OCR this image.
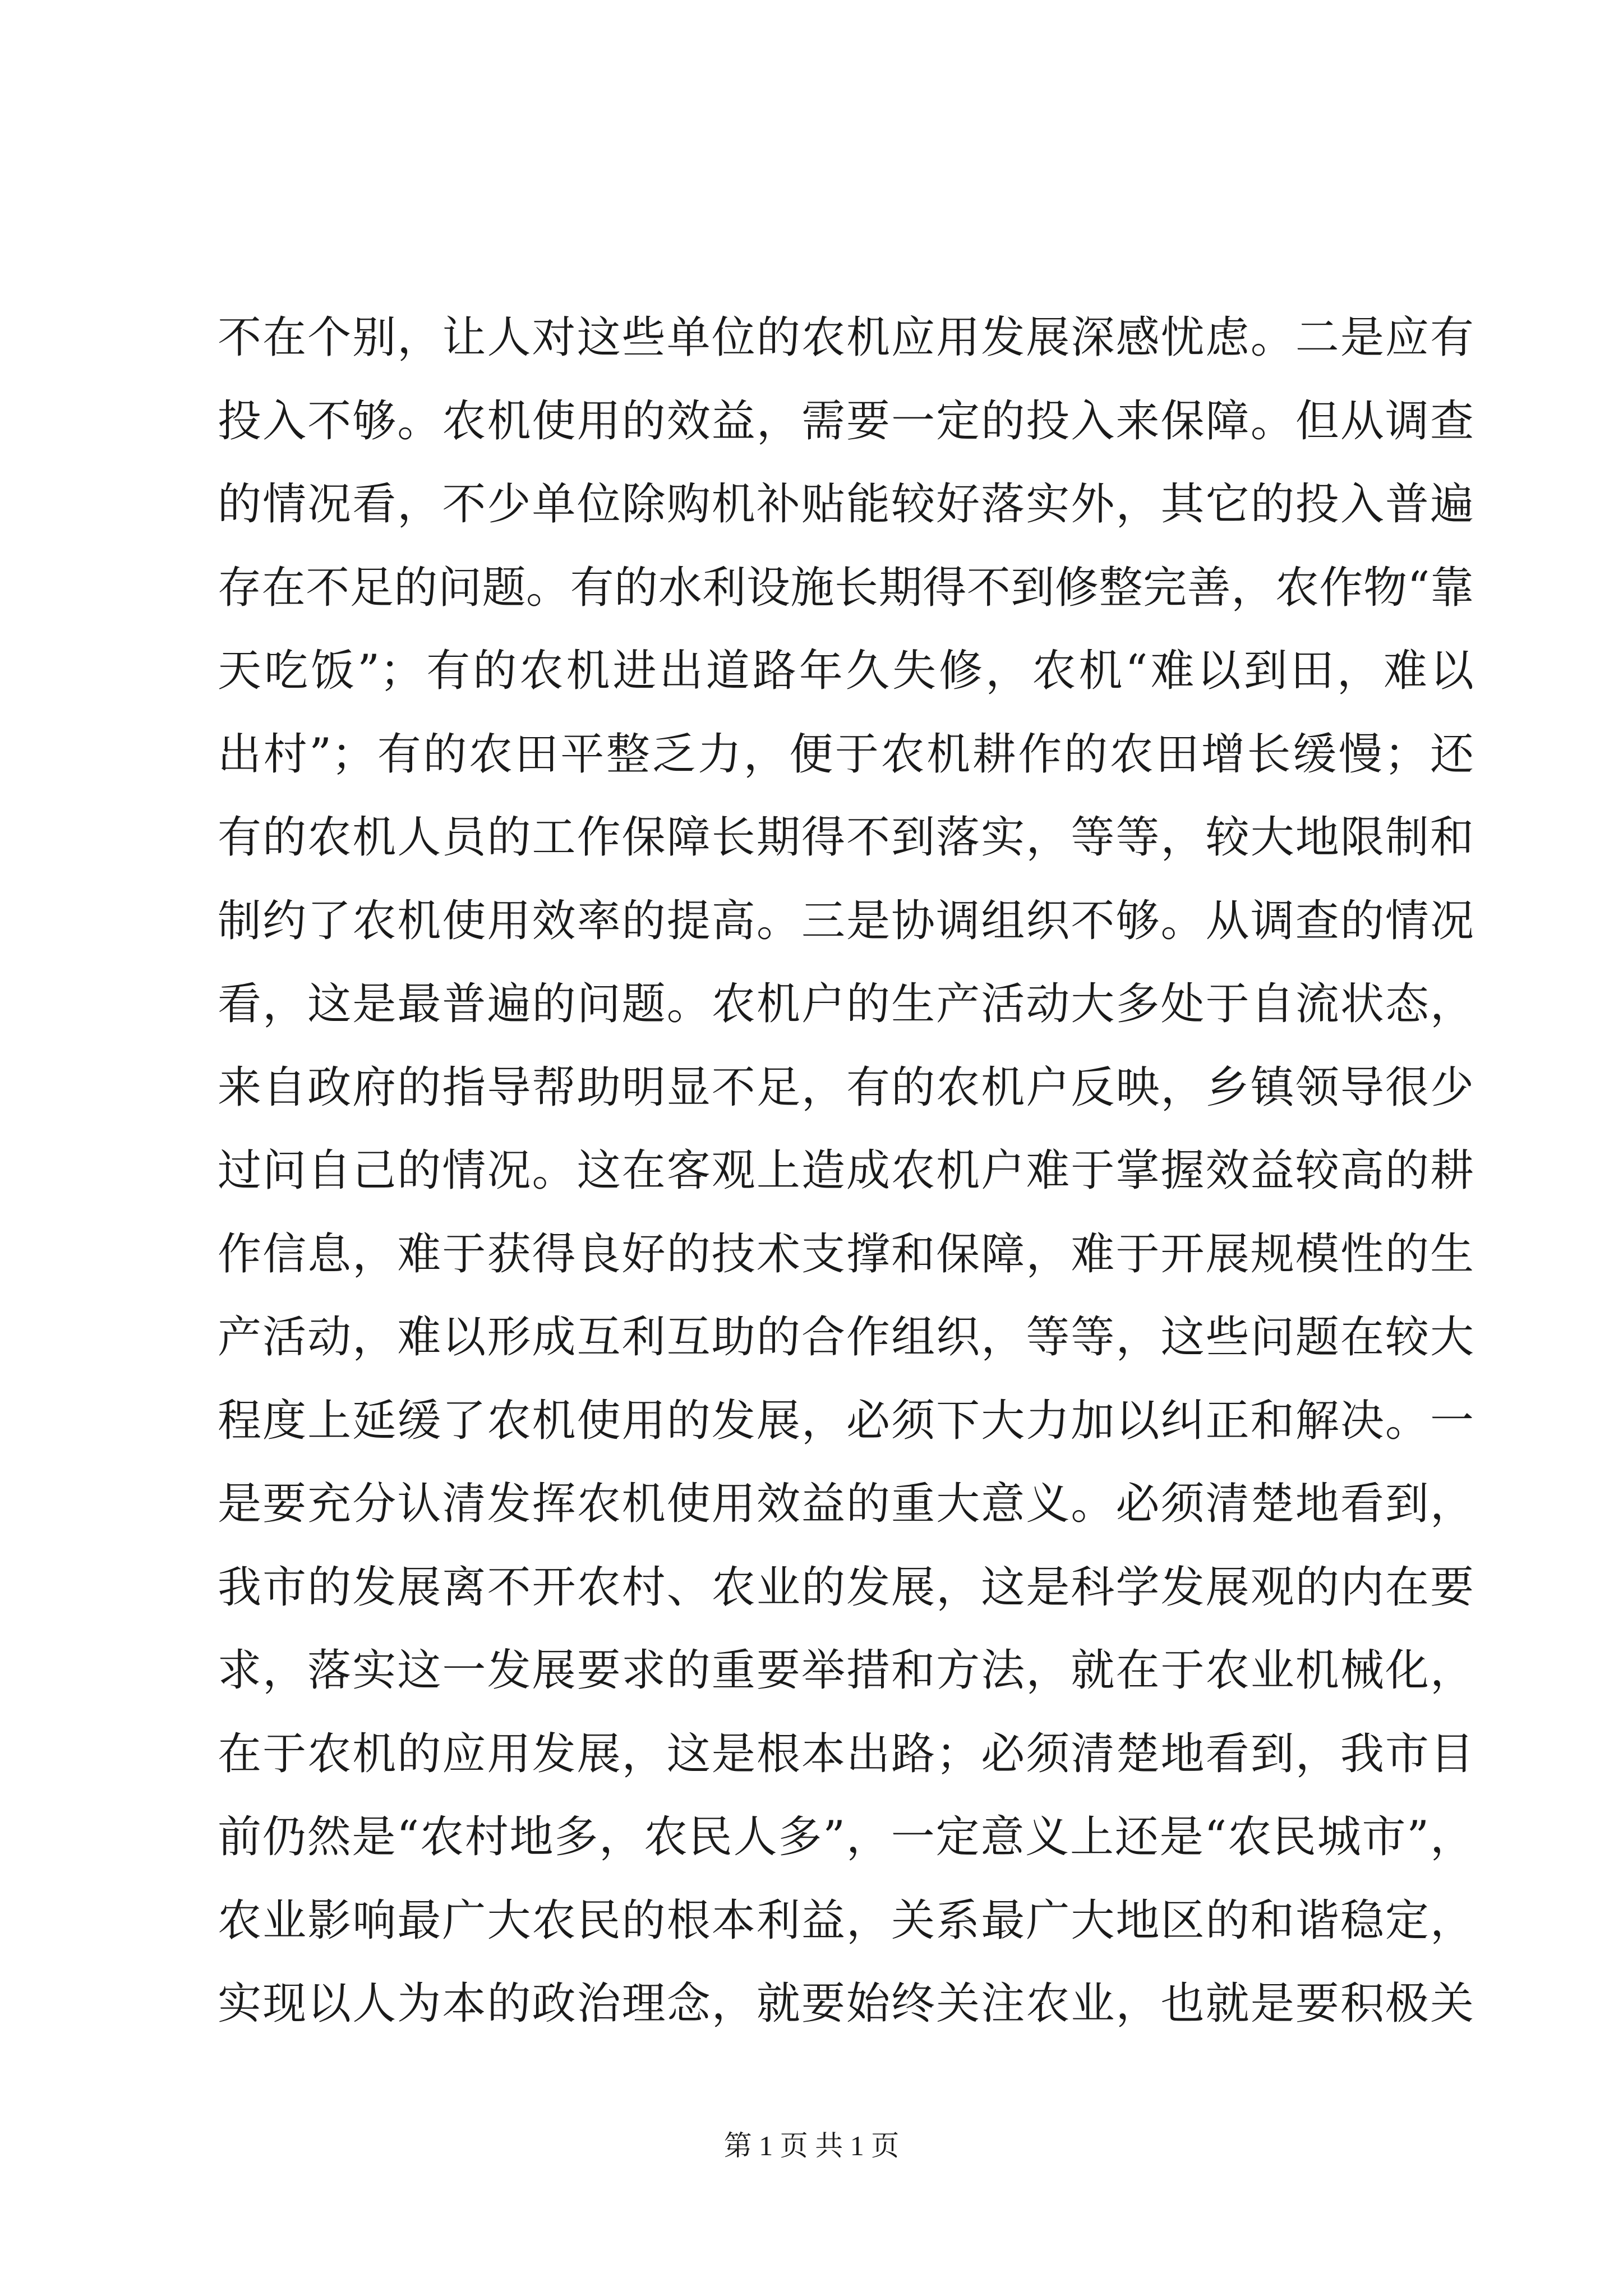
不在个别，让人对这些单位的农机应用发展深感忧虑。二是应有
投入不够。农机使用的效益，需要一定的投入来保障。但从调查
的情况看，不少单位除购机补贴能较好落实外，其它的投入普遍
存在不足的问题。有的水利设施长期得不到修整完善，农作物“靠
天吃饭”；有的农机进出道路年久失修，农机“难以到田，难以
出村”；有的农田平整乏力，便于农机耕作的农田增长缓慢；还
有的农机人员的工作保障长期得不到落实，等等，较大地限制和
制约了农机使用效率的提高。三是协调组织不够。从调查的情况
看，这是最普遍的问题。农机户的生产活动大多处于自流状态，
来自政府的指导帮助明显不足，有的农机户反映，乡镇领导很少
过问自己的情况。这在客观上造成农机户难于掌握效益较高的耕
作信息，难于获得良好的技术支撑和保障，难于开展规模性的生
产活动，难以形成互利互助的合作组织，等等，这些问题在较大
程度上延缓了农机使用的发展，必须下大力加以纠正和解决。一
是要充分认清发挥农机使用效益的重大意义。必须清楚地看到，
我市的发展离不开农村、农业的发展，这是科学发展观的内在要
求，落实这一发展要求的重要举措和方法，就在于农业机械化，
在于农机的应用发展，这是根本出路；必须清楚地看到，我市目
前仍然是“农村地多，农民人多”，一定意义上还是“农民城市”，
农业影响最广大农民的根本利益，关系最广大地区的和谐稳定，
实现以人为本的政治理念，就要始终关注农业，也就是要积极关
第 1 页 共 1 页
